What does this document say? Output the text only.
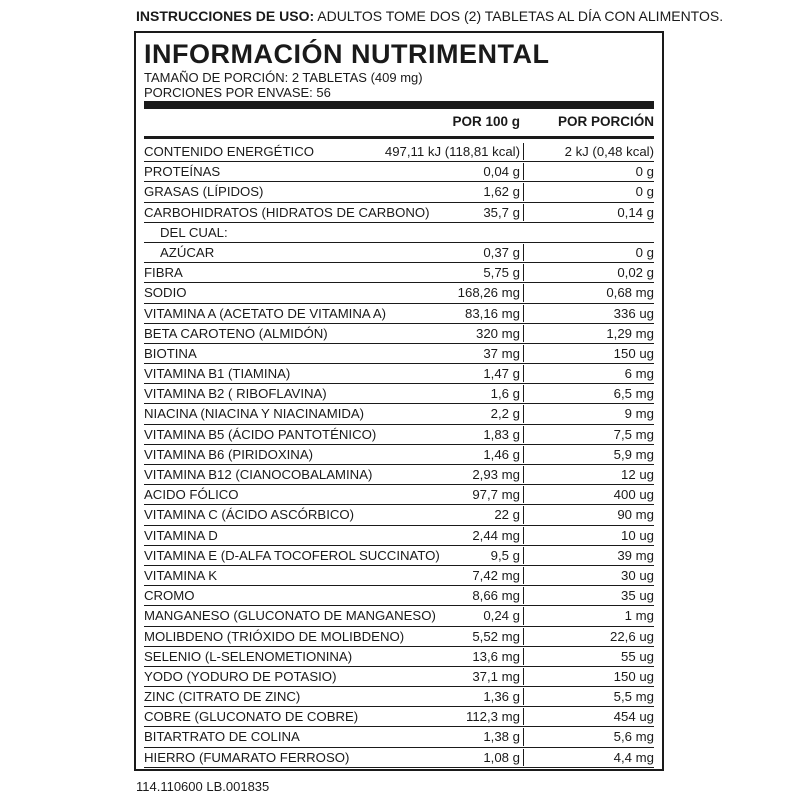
INSTRUCCIONES DE USO: ADULTOS TOME DOS (2) TABLETAS AL DÍA CON ALIMENTOS.
INFORMACIÓN NUTRIMENTAL
TAMAÑO DE PORCIÓN: 2 TABLETAS (409 mg)
PORCIONES POR ENVASE: 56
POR 100 g	POR PORCIÓN
CONTENIDO ENERGÉTICO	497,11 kJ (118,81 kcal)	2 kJ (0,48 kcal)
PROTEÍNAS	0,04 g	0 g
GRASAS (LÍPIDOS)	1,62 g	0 g
CARBOHIDRATOS (HIDRATOS DE CARBONO)	35,7 g	0,14 g
DEL CUAL:
AZÚCAR	0,37 g	0 g
FIBRA	5,75 g	0,02 g
SODIO	168,26 mg	0,68 mg
VITAMINA A (ACETATO DE VITAMINA A)	83,16 mg	336 ug
BETA CAROTENO (ALMIDÓN)	320 mg	1,29 mg
BIOTINA	37 mg	150 ug
VITAMINA B1 (TIAMINA)	1,47 g	6 mg
VITAMINA B2 ( RIBOFLAVINA)	1,6 g	6,5 mg
NIACINA (NIACINA Y NIACINAMIDA)	2,2 g	9 mg
VITAMINA B5 (ÁCIDO PANTOTÉNICO)	1,83 g	7,5 mg
VITAMINA B6 (PIRIDOXINA)	1,46 g	5,9 mg
VITAMINA B12 (CIANOCOBALAMINA)	2,93 mg	12 ug
ACIDO FÓLICO	97,7 mg	400 ug
VITAMINA C (ÁCIDO ASCÓRBICO)	22 g	90 mg
VITAMINA D	2,44 mg	10 ug
VITAMINA E (D-ALFA TOCOFEROL SUCCINATO)	9,5 g	39 mg
VITAMINA K	7,42 mg	30 ug
CROMO	8,66 mg	35 ug
MANGANESO (GLUCONATO DE MANGANESO)	0,24 g	1 mg
MOLIBDENO (TRIÓXIDO DE MOLIBDENO)	5,52 mg	22,6 ug
SELENIO (L-SELENOMETIONINA)	13,6 mg	55 ug
YODO (YODURO DE POTASIO)	37,1 mg	150 ug
ZINC (CITRATO DE ZINC)	1,36 g	5,5 mg
COBRE (GLUCONATO DE COBRE)	112,3 mg	454 ug
BITARTRATO DE COLINA	1,38 g	5,6 mg
HIERRO (FUMARATO FERROSO)	1,08 g	4,4 mg
114.110600 LB.001835
